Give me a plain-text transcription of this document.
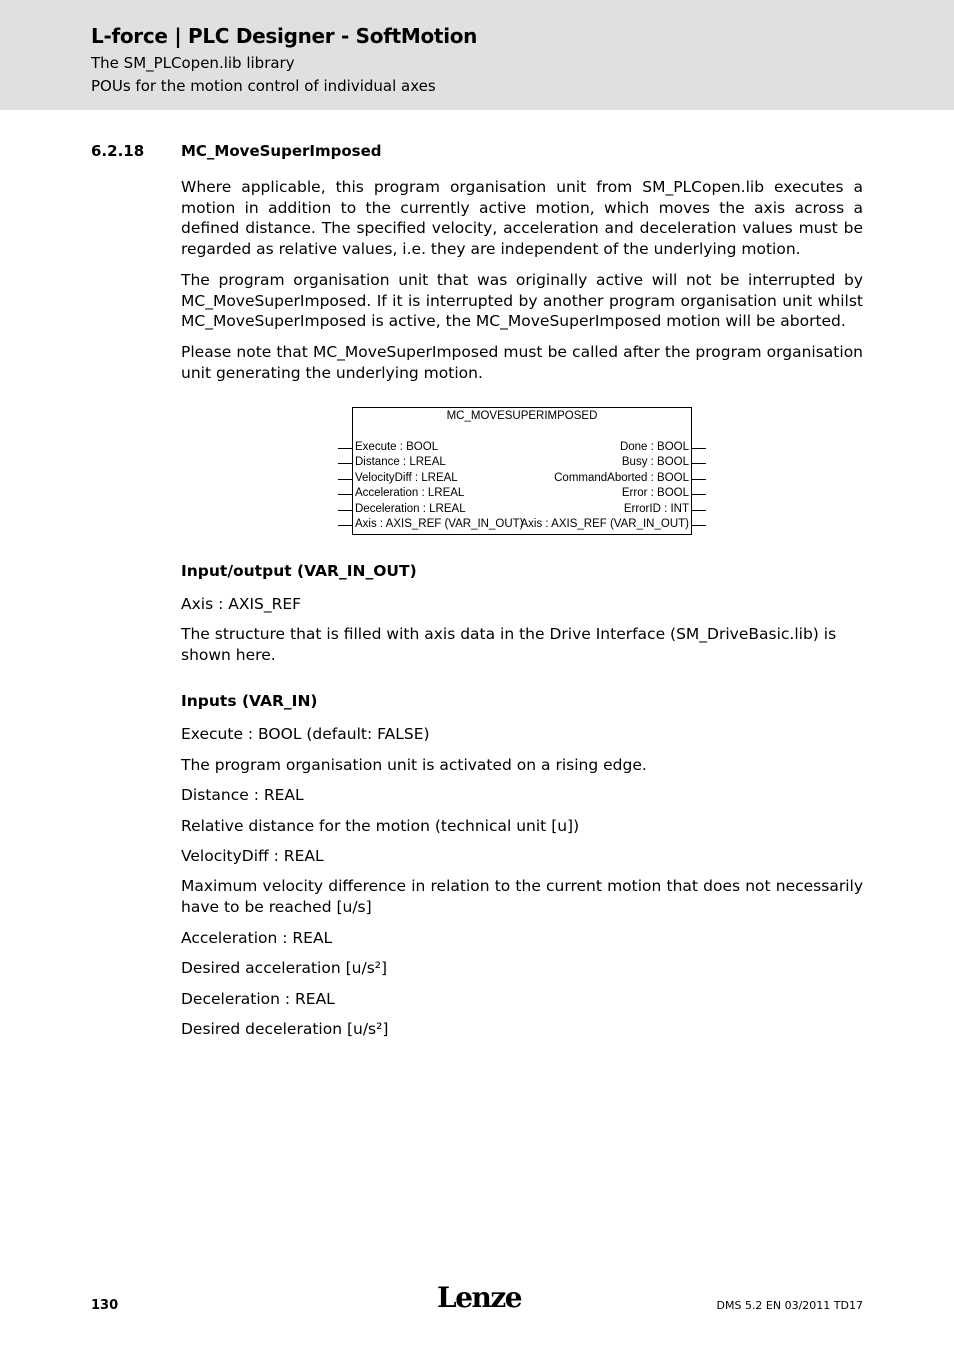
L-force | PLC Designer - SoftMotion
The SM_PLCopen.lib library
POUs for the motion control of individual axes
6.2.18 MC_MoveSuperImposed
Where applicable, this program organisation unit from SM_PLCopen.lib executes a motion in addition to the currently active motion, which moves the axis across a defined distance. The specified velocity, acceleration and deceleration values must be regarded as relative values, i.e. they are independent of the underlying motion.
The program organisation unit that was originally active will not be interrupted by MC_MoveSuperImposed. If it is interrupted by another program organisation unit whilst MC_MoveSuperImposed is active, the MC_MoveSuperImposed motion will be aborted.
Please note that MC_MoveSuperImposed must be called after the program organisation unit generating the underlying motion.
MC_MOVESUPERIMPOSED
Execute : BOOL
Distance : LREAL
VelocityDiff : LREAL
Acceleration : LREAL
Deceleration : LREAL
Axis : AXIS_REF (VAR_IN_OUT)
Done : BOOL
Busy : BOOL
CommandAborted : BOOL
Error : BOOL
ErrorID : INT
Axis : AXIS_REF (VAR_IN_OUT)
Input/output (VAR_IN_OUT)
Axis : AXIS_REF
The structure that is filled with axis data in the Drive Interface (SM_DriveBasic.lib) is shown here.
Inputs (VAR_IN)
Execute : BOOL (default: FALSE)
The program organisation unit is activated on a rising edge.
Distance : REAL
Relative distance for the motion (technical unit [u])
VelocityDiff : REAL
Maximum velocity difference in relation to the current motion that does not necessarily have to be reached [u/s]
Acceleration : REAL
Desired acceleration [u/s²]
Deceleration : REAL
Desired deceleration [u/s²]
130	Lenze	DMS 5.2 EN 03/2011 TD17
